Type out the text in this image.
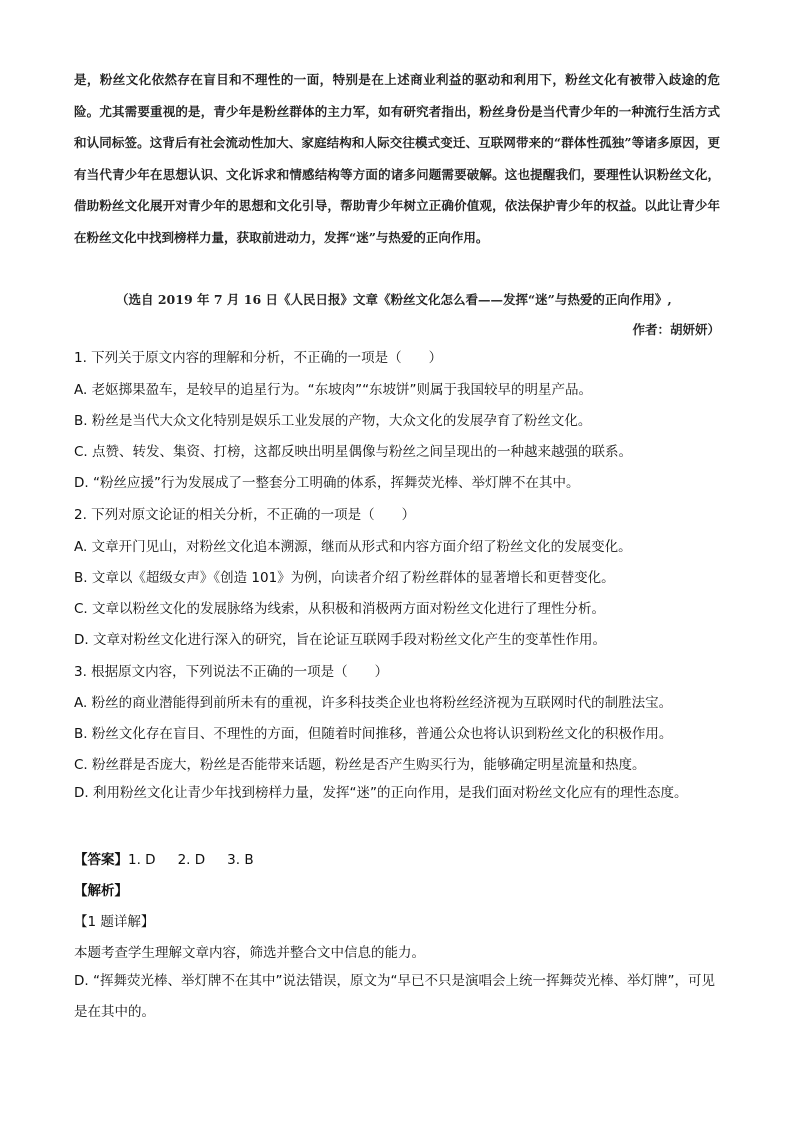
是，粉丝文化依然存在盲目和不理性的一面，特别是在上述商业利益的驱动和利用下，粉丝文化有被带入歧途的危险。尤其需要重视的是，青少年是粉丝群体的主力军，如有研究者指出，粉丝身份是当代青少年的一种流行生活方式和认同标签。这背后有社会流动性加大、家庭结构和人际交往模式变迁、互联网带来的“群体性孤独”等诸多原因，更有当代青少年在思想认识、文化诉求和情感结构等方面的诸多问题需要破解。这也提醒我们，要理性认识粉丝文化，借助粉丝文化展开对青少年的思想和文化引导，帮助青少年树立正确价值观，依法保护青少年的权益。以此让青少年在粉丝文化中找到榜样力量，获取前进动力，发挥“迷”与热爱的正向作用。

（选自 2019 年 7 月 16 日《人民日报》文章《粉丝文化怎么看——发挥“迷”与热爱的正向作用》,

作者：胡妍妍）

1. 下列关于原文内容的理解和分析，不正确的一项是（　　）

A. 老妪掷果盈车，是较早的追星行为。“东坡肉”“东坡饼”则属于我国较早的明星产品。

B. 粉丝是当代大众文化特别是娱乐工业发展的产物，大众文化的发展孕育了粉丝文化。

C. 点赞、转发、集资、打榜，这都反映出明星偶像与粉丝之间呈现出的一种越来越强的联系。

D. “粉丝应援”行为发展成了一整套分工明确的体系，挥舞荧光棒、举灯牌不在其中。

2. 下列对原文论证的相关分析，不正确的一项是（　　）

A. 文章开门见山，对粉丝文化追本溯源，继而从形式和内容方面介绍了粉丝文化的发展变化。

B. 文章以《超级女声》《创造 101》为例，向读者介绍了粉丝群体的显著增长和更替变化。

C. 文章以粉丝文化的发展脉络为线索，从积极和消极两方面对粉丝文化进行了理性分析。

D. 文章对粉丝文化进行深入的研究，旨在论证互联网手段对粉丝文化产生的变革性作用。

3. 根据原文内容，下列说法不正确的一项是（　　）

A. 粉丝的商业潜能得到前所未有的重视，许多科技类企业也将粉丝经济视为互联网时代的制胜法宝。

B. 粉丝文化存在盲目、不理性的方面，但随着时间推移，普通公众也将认识到粉丝文化的积极作用。

C. 粉丝群是否庞大，粉丝是否能带来话题，粉丝是否产生购买行为，能够确定明星流量和热度。

D. 利用粉丝文化让青少年找到榜样力量，发挥“迷”的正向作用，是我们面对粉丝文化应有的理性态度。

【答案】1. D 2. D 3. B

【解析】

【1 题详解】

本题考查学生理解文章内容，筛选并整合文中信息的能力。

D. “挥舞荧光棒、举灯牌不在其中”说法错误，原文为“早已不只是演唱会上统一挥舞荧光棒、举灯牌”，可见是在其中的。
